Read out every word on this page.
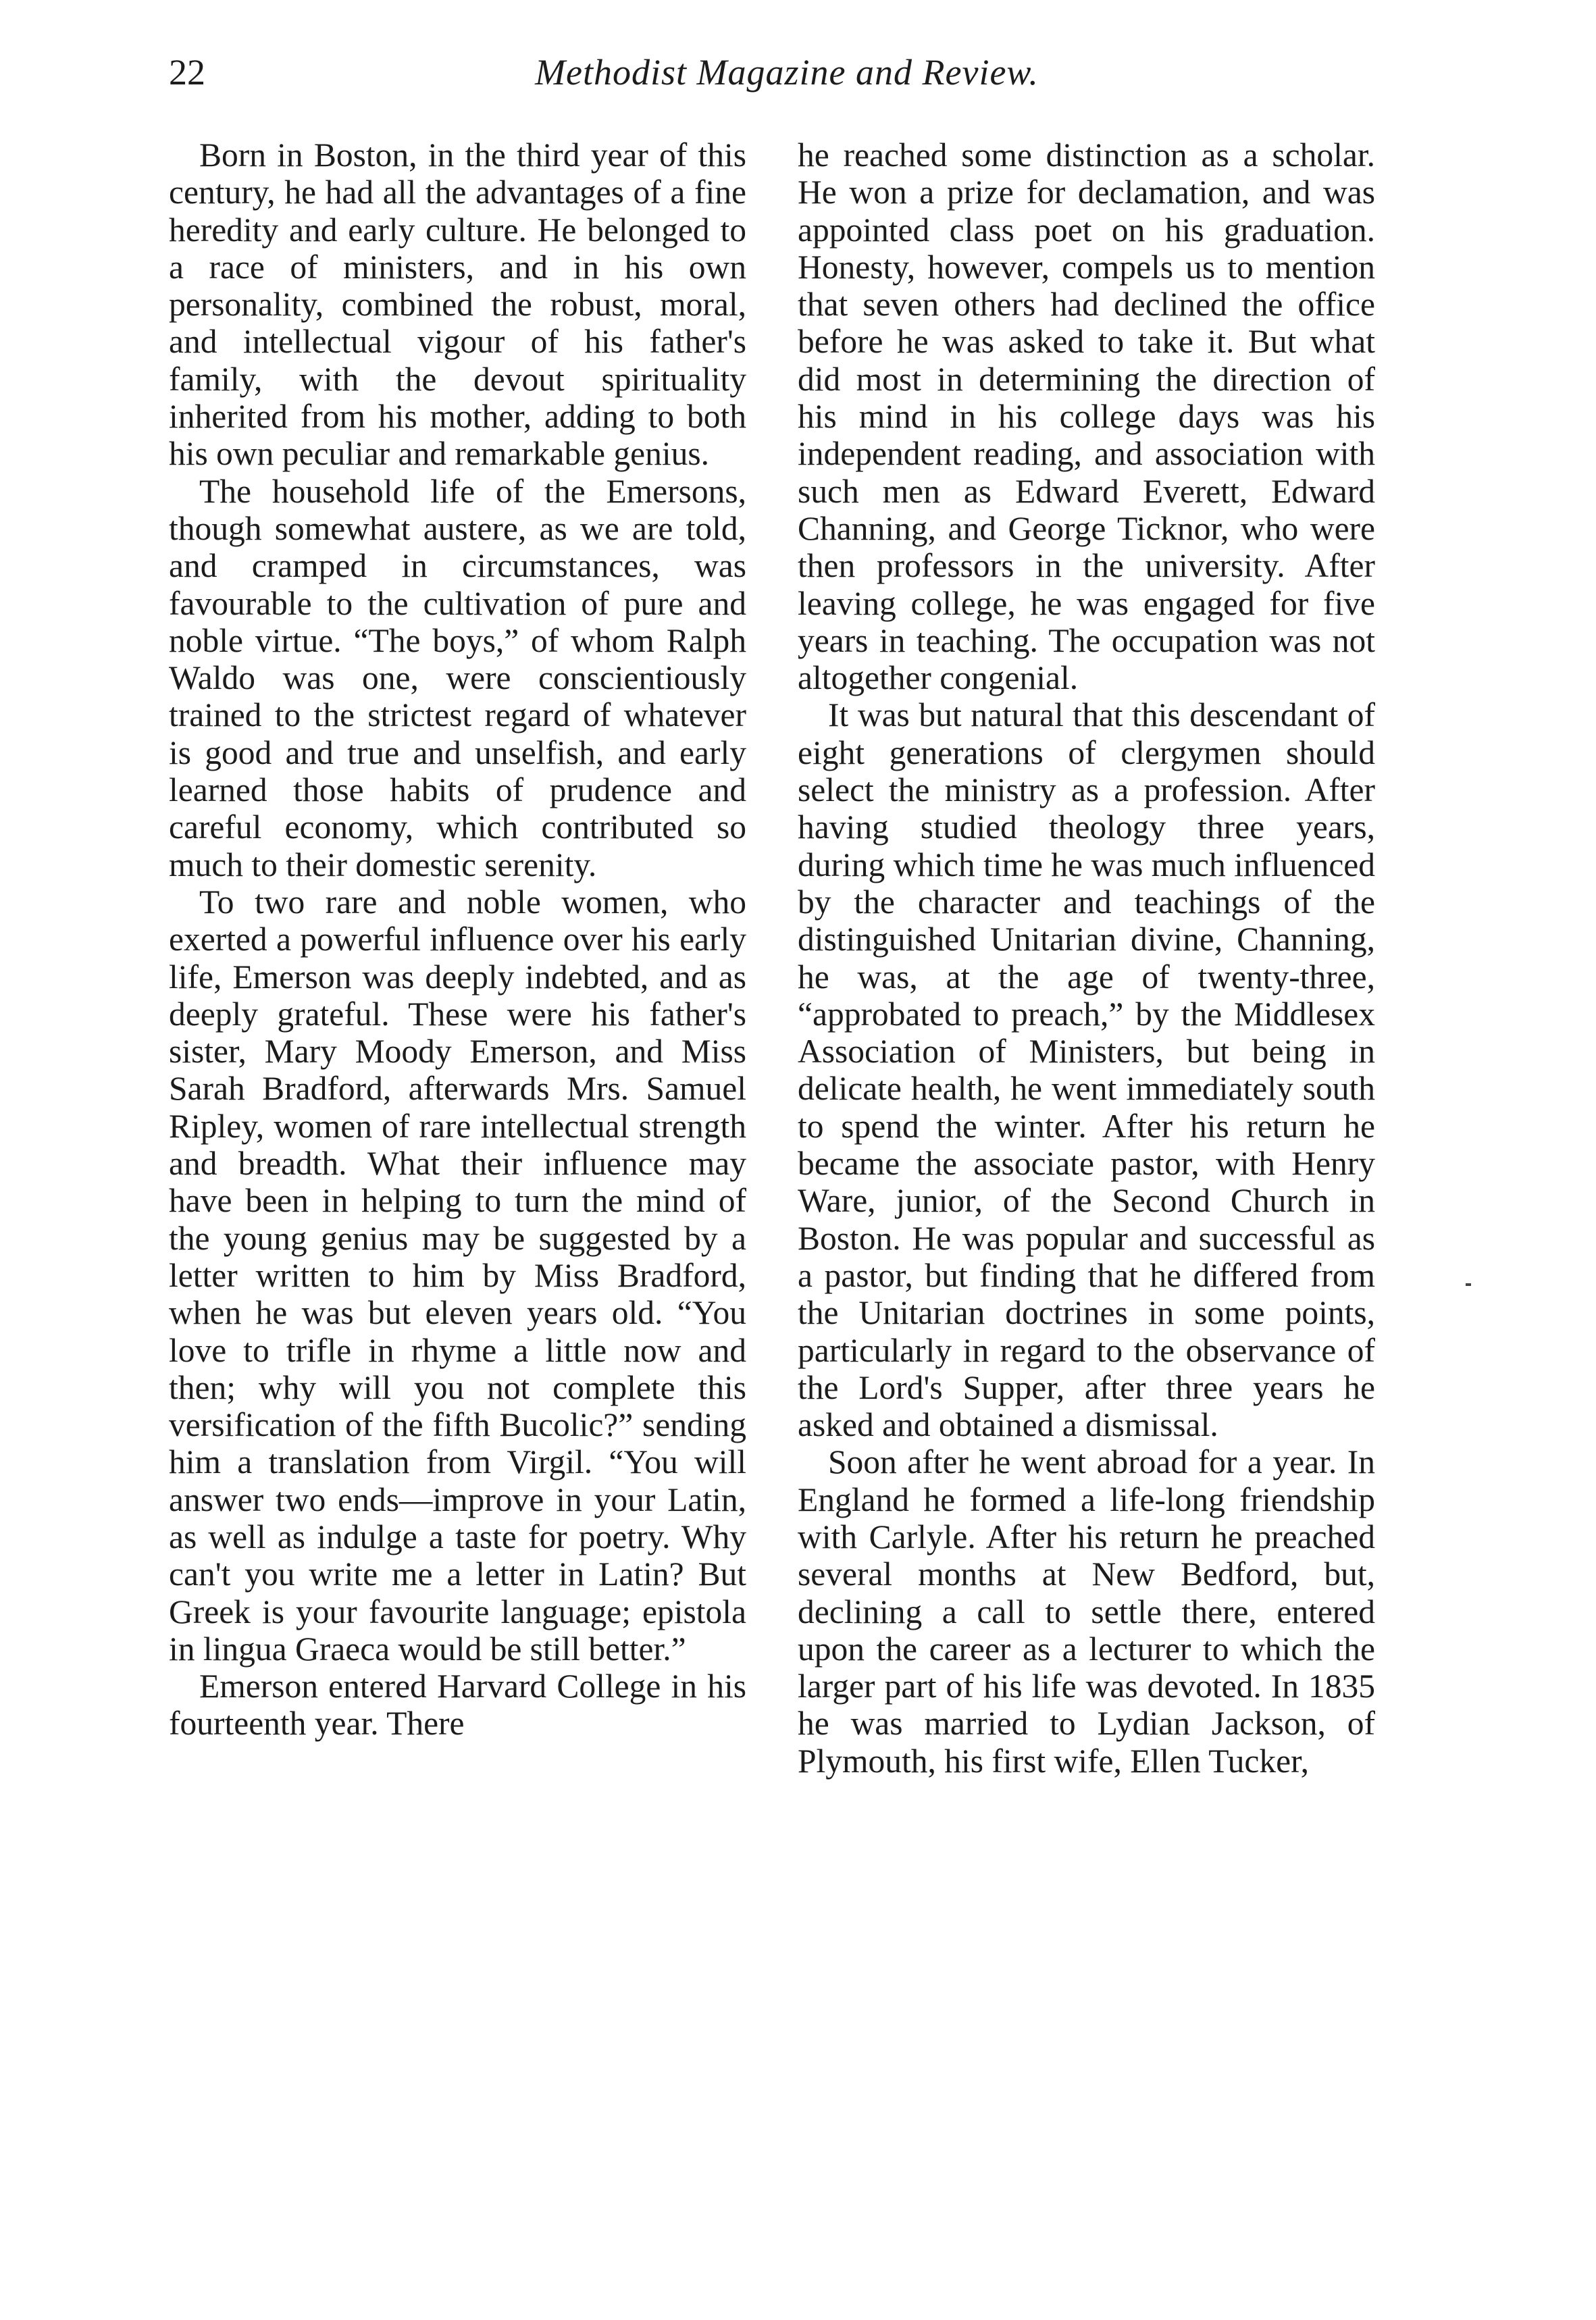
22	Methodist Magazine and Review.

Born in Boston, in the third year of this century, he had all the advantages of a fine heredity and early culture. He belonged to a race of ministers, and in his own personality, combined the robust, moral, and intellectual vigour of his father's family, with the devout spirituality inherited from his mother, adding to both his own peculiar and remarkable genius.

The household life of the Emersons, though somewhat austere, as we are told, and cramped in circumstances, was favourable to the cultivation of pure and noble virtue. “The boys,” of whom Ralph Waldo was one, were conscientiously trained to the strictest regard of whatever is good and true and unselfish, and early learned those habits of prudence and careful economy, which contributed so much to their domestic serenity.

To two rare and noble women, who exerted a powerful influence over his early life, Emerson was deeply indebted, and as deeply grateful. These were his father's sister, Mary Moody Emerson, and Miss Sarah Bradford, afterwards Mrs. Samuel Ripley, women of rare intellectual strength and breadth. What their influence may have been in helping to turn the mind of the young genius may be suggested by a letter written to him by Miss Bradford, when he was but eleven years old. “You love to trifle in rhyme a little now and then; why will you not complete this versification of the fifth Bucolic?” sending him a translation from Virgil. “You will answer two ends—improve in your Latin, as well as indulge a taste for poetry. Why can't you write me a letter in Latin? But Greek is your favourite language; epistola in lingua Graeca would be still better.”

Emerson entered Harvard College in his fourteenth year. There

he reached some distinction as a scholar. He won a prize for declamation, and was appointed class poet on his graduation. Honesty, however, compels us to mention that seven others had declined the office before he was asked to take it. But what did most in determining the direction of his mind in his college days was his independent reading, and association with such men as Edward Everett, Edward Channing, and George Ticknor, who were then professors in the university. After leaving college, he was engaged for five years in teaching. The occupation was not altogether congenial.

It was but natural that this descendant of eight generations of clergymen should select the ministry as a profession. After having studied theology three years, during which time he was much influenced by the character and teachings of the distinguished Unitarian divine, Channing, he was, at the age of twenty-three, “approbated to preach,” by the Middlesex Association of Ministers, but being in delicate health, he went immediately south to spend the winter. After his return he became the associate pastor, with Henry Ware, junior, of the Second Church in Boston. He was popular and successful as a pastor, but finding that he differed from the Unitarian doctrines in some points, particularly in regard to the observance of the Lord's Supper, after three years he asked and obtained a dismissal.

Soon after he went abroad for a year. In England he formed a life-long friendship with Carlyle. After his return he preached several months at New Bedford, but, declining a call to settle there, entered upon the career as a lecturer to which the larger part of his life was devoted. In 1835 he was married to Lydian Jackson, of Plymouth, his first wife, Ellen Tucker,
